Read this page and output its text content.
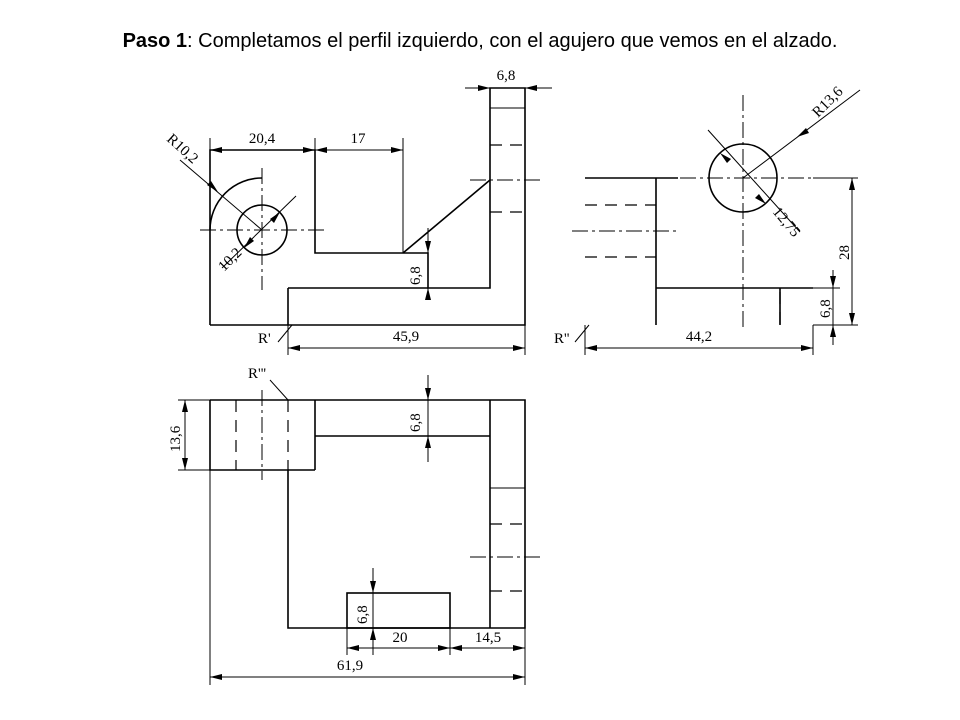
Paso 1: Completamos el perfil izquierdo, con el agujero que vemos en el alzado.
6,8
20,4	17
R10,2
10,2
6,8
45,9
R'
R13,6
12,75
28
6,8
44,2
R''
13,6
6,8
6,8
20	14,5
61,9
R'''
